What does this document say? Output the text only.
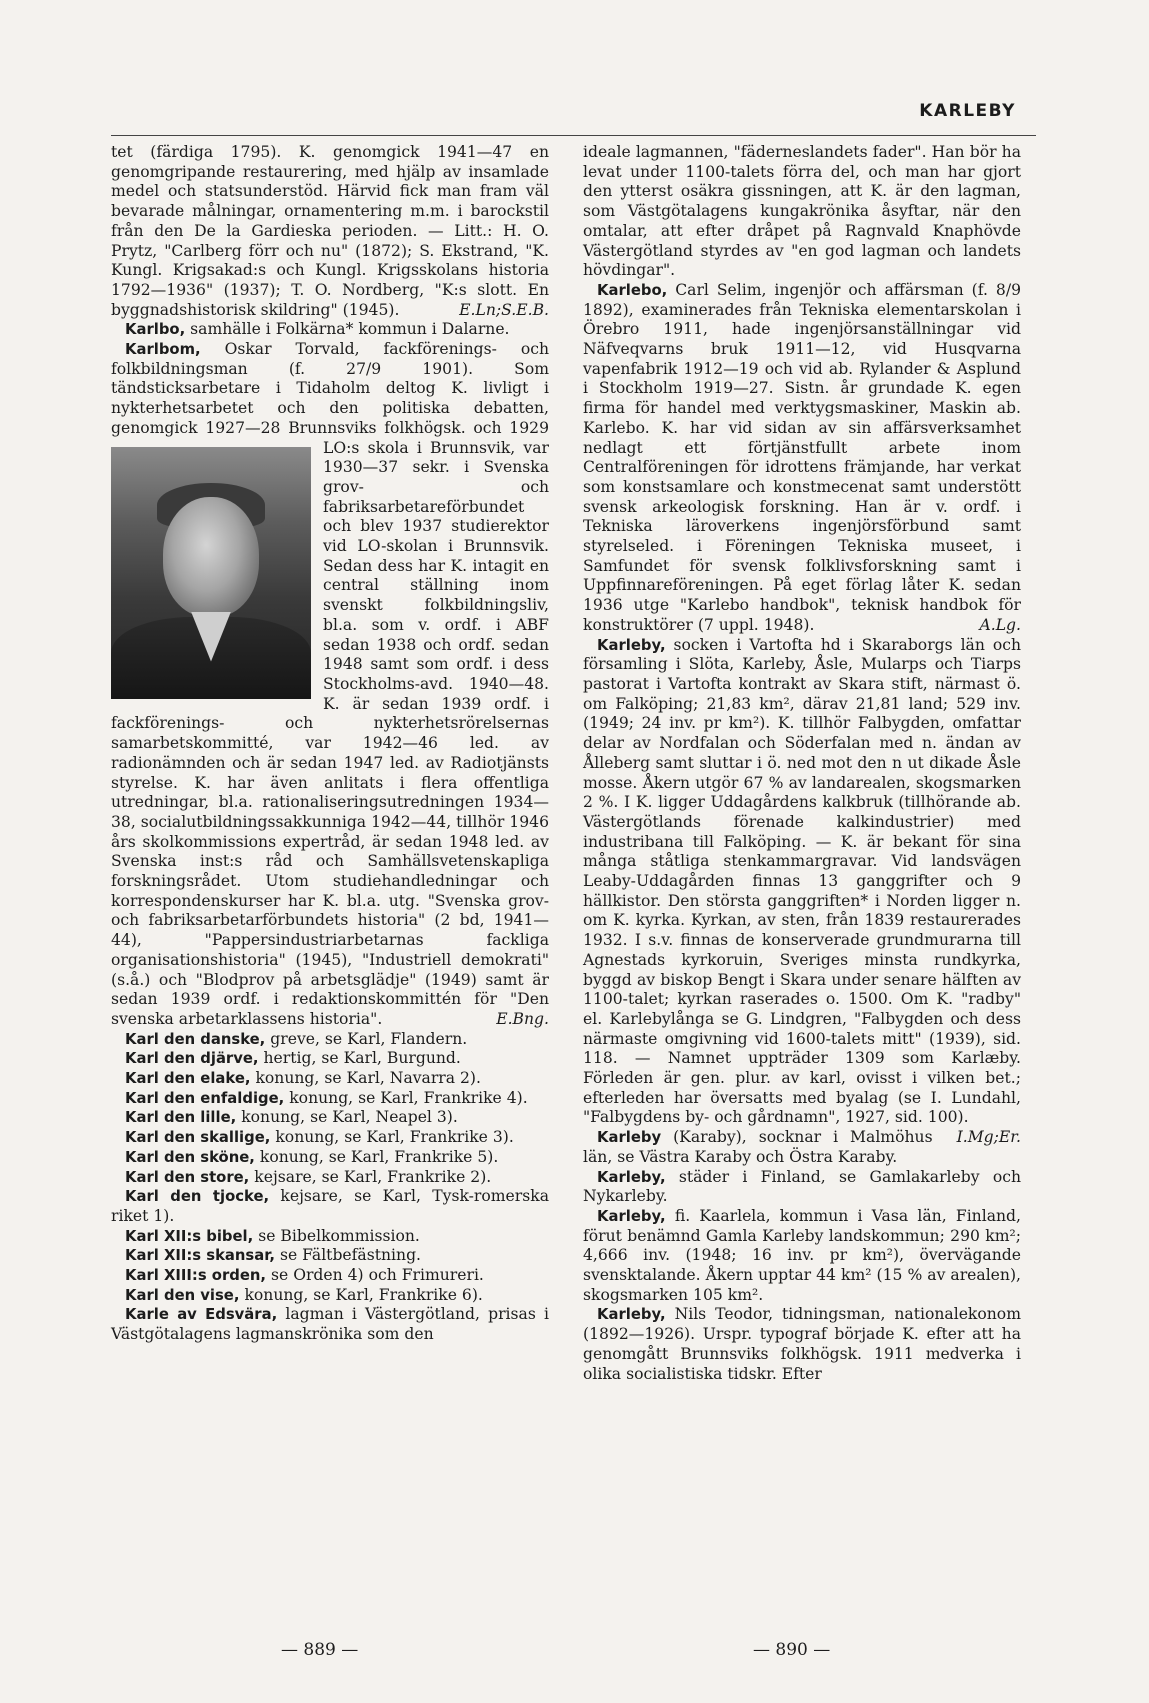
KARLEBY

tet (färdiga 1795). K. genomgick 1941—47 en genomgripande restaurering, med hjälp av insamlade medel och statsunderstöd. Härvid fick man fram väl bevarade målningar, ornamentering m.m. i barockstil från den De la Gardieska perioden. — Litt.: H. O. Prytz, "Carlberg förr och nu" (1872); S. Ekstrand, "K. Kungl. Krigsakad:s och Kungl. Krigsskolans historia 1792—1936" (1937); T. O. Nordberg, "K:s slott. En byggnadshistorisk skildring" (1945).	E.Ln;S.E.B.

Karlbo, samhälle i Folkärna* kommun i Dalarne.

Karlbom, Oskar Torvald, fackförenings- och folkbildningsman (f. 27/9 1901). Som tändsticksarbetare i Tidaholm deltog K. livligt i nykterhetsarbetet och den politiska debatten, genomgick 1927—28 Brunnsviks folkhögsk.
och 1929 LO:s skola i Brunnsvik, var 1930—37 sekr. i Svenska grov- och fabriksarbetareförbundet och blev 1937 studierektor vid LO-skolan i Brunnsvik. Sedan dess har K. intagit en central ställning inom svenskt folkbildningsliv, bl.a. som v. ordf. i ABF sedan 1938 och ordf. sedan 1948 samt som ordf. i dess Stockholms-avd. 1940—48. K. är sedan 1939 ordf. i fackförenings- och nykterhetsrörelsernas samarbetskommitté, var 1942—46 led. av radionämnden och är sedan 1947 led. av Radiotjänsts styrelse. K. har även anlitats i flera offentliga utredningar, bl.a. rationaliseringsutredningen 1934—38, socialutbildningssakkunniga 1942—44, tillhör 1946 års skolkommissions expertråd, är sedan 1948 led. av Svenska inst:s råd och Samhällsvetenskapliga forskningsrådet. Utom studiehandledningar och korrespondenskurser har K. bl.a. utg. "Svenska grov- och fabriksarbetarförbundets historia" (2 bd, 1941—44), "Pappersindustriarbetarnas fackliga organisationshistoria" (1945), "Industriell demokrati" (s.å.) och "Blodprov på arbetsglädje" (1949) samt är sedan 1939 ordf. i redaktionskommittén för "Den svenska arbetarklassens historia".	E.Bng.

Karl den danske, greve, se Karl, Flandern.

Karl den djärve, hertig, se Karl, Burgund.

Karl den elake, konung, se Karl, Navarra 2).

Karl den enfaldige, konung, se Karl, Frankrike 4).

Karl den lille, konung, se Karl, Neapel 3).

Karl den skallige, konung, se Karl, Frankrike 3).

Karl den sköne, konung, se Karl, Frankrike 5).

Karl den store, kejsare, se Karl, Frankrike 2).

Karl den tjocke, kejsare, se Karl, Tysk-romerska riket 1).

Karl XII:s bibel, se Bibelkommission.

Karl XII:s skansar, se Fältbefästning.

Karl XIII:s orden, se Orden 4) och Frimureri.

Karl den vise, konung, se Karl, Frankrike 6).

Karle av Edsvära, lagman i Västergötland, prisas i Västgötalagens lagmanskrönika som den

ideale lagmannen, "fäderneslandets fader". Han bör ha levat under 1100-talets förra del, och man har gjort den ytterst osäkra gissningen, att K. är den lagman, som Västgötalagens kungakrönika åsyftar, när den omtalar, att efter dråpet på Ragnvald Knaphövde Västergötland styrdes av "en god lagman och landets hövdingar".

Karlebo, Carl Selim, ingenjör och affärsman (f. 8/9 1892), examinerades från Tekniska elementarskolan i Örebro 1911, hade ingenjörsanställningar vid Näfveqvarns bruk 1911—12, vid Husqvarna vapenfabrik 1912—19 och vid ab. Rylander & Asplund i Stockholm 1919—27. Sistn. år grundade K. egen firma för handel med verktygsmaskiner, Maskin ab. Karlebo. K. har vid sidan av sin affärsverksamhet nedlagt ett förtjänstfullt arbete inom Centralföreningen för idrottens främjande, har verkat som konstsamlare och konstmecenat samt understött svensk arkeologisk forskning. Han är v. ordf. i Tekniska läroverkens ingenjörsförbund samt styrelseled. i Föreningen Tekniska museet, i Samfundet för svensk folklivsforskning samt i Uppfinnareföreningen. På eget förlag låter K. sedan 1936 utge "Karlebo handbok", teknisk handbok för konstruktörer (7 uppl. 1948).	A.Lg.

Karleby, socken i Vartofta hd i Skaraborgs län och församling i Slöta, Karleby, Åsle, Mularps och Tiarps pastorat i Vartofta kontrakt av Skara stift, närmast ö. om Falköping; 21,83 km², därav 21,81 land; 529 inv. (1949; 24 inv. pr km²). K. tillhör Falbygden, omfattar delar av Nordfalan och Söderfalan med n. ändan av Ålleberg samt sluttar i ö. ned mot den n ut dikade Åsle mosse. Åkern utgör 67 % av landarealen, skogsmarken 2 %. I K. ligger Uddagårdens kalkbruk (tillhörande ab. Västergötlands förenade kalkindustrier) med industribana till Falköping. — K. är bekant för sina många ståtliga stenkammargravar. Vid landsvägen Leaby-Uddagården finnas 13 ganggrifter och 9 hällkistor. Den största ganggriften* i Norden ligger n. om K. kyrka. Kyrkan, av sten, från 1839 restaurerades 1932. I s.v. finnas de konserverade grundmurarna till Agnestads kyrkoruin, Sveriges minsta rundkyrka, byggd av biskop Bengt i Skara under senare hälften av 1100-talet; kyrkan raserades o. 1500. Om K. "radby" el. Karlebylånga se G. Lindgren, "Falbygden och dess närmaste omgivning vid 1600-talets mitt" (1939), sid. 118. — Namnet uppträder 1309 som Karlæby. Förleden är gen. plur. av karl, ovisst i vilken bet.; efterleden har översatts med byalag (se I. Lundahl, "Falbygdens by- och gårdnamn", 1927, sid. 100).
I.Mg;Er.

Karleby (Karaby), socknar i Malmöhus län, se Västra Karaby och Östra Karaby.

Karleby, städer i Finland, se Gamlakarleby och Nykarleby.

Karleby, fi. Kaarlela, kommun i Vasa län, Finland, förut benämnd Gamla Karleby landskommun; 290 km²; 4,666 inv. (1948; 16 inv. pr km²), övervägande svensktalande. Åkern upptar 44 km² (15 % av arealen), skogsmarken 105 km².

Karleby, Nils Teodor, tidningsman, nationalekonom (1892—1926). Urspr. typograf började K. efter att ha genomgått Brunnsviks folkhögsk. 1911 medverka i olika socialistiska tidskr. Efter

— 889 —	— 890 —
